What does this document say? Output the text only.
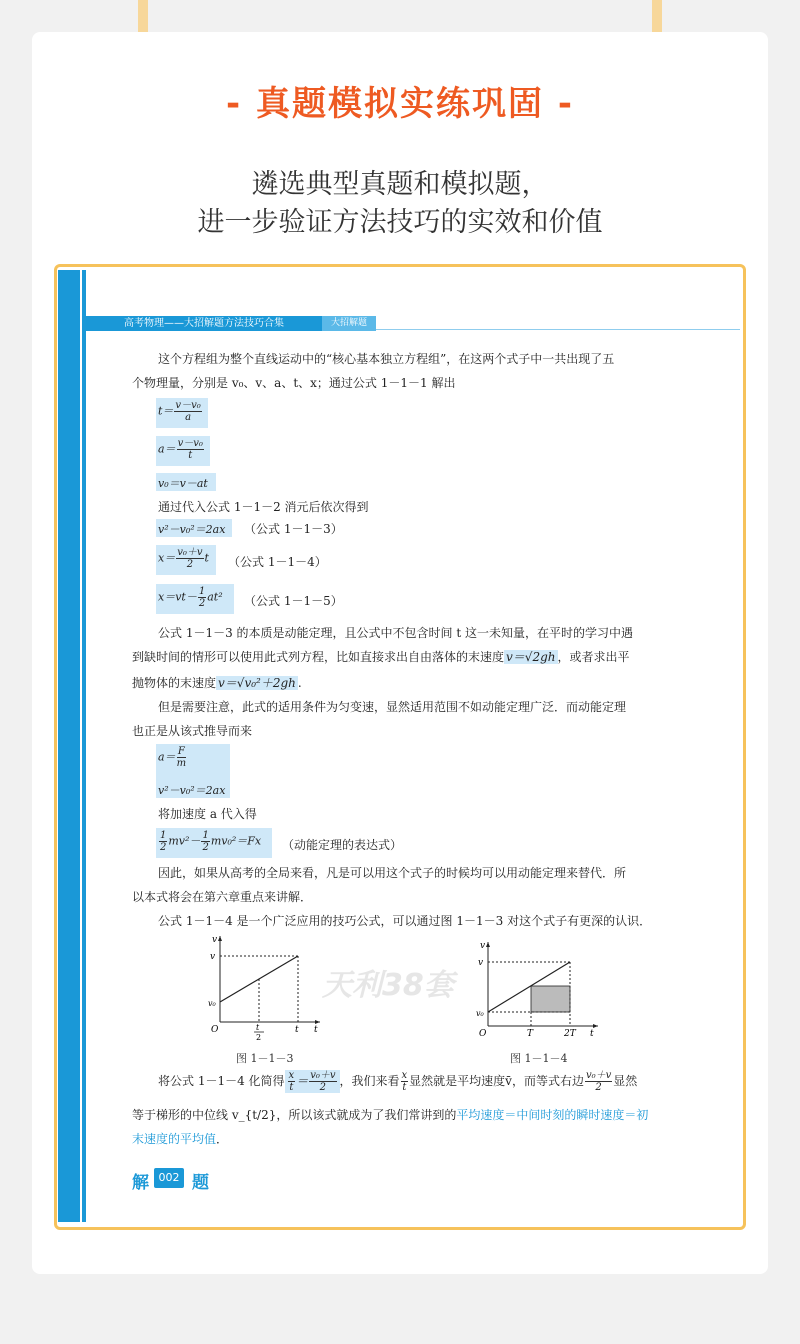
- 真题模拟实练巩固 -
遴选典型真题和模拟题，
进一步验证方法技巧的实效和价值
高考物理——大招解题方法技巧合集	大招解题
这个方程组为整个直线运动中的“核心基本独立方程组”，在这两个式子中一共出现了五
个物理量，分别是 v₀、v、a、t、x；通过公式 1－1－1 解出
$t= \frac{\text{v－v₀}}{a}$
$a= \frac{\text{v－v₀}}{t}$
v₀＝v－at
通过代入公式 1－1－2 消元后依次得到
v²－v₀²＝2ax （公式 1－1－3）
$x= \frac{\text{v₀＋v}}{2}$ t （公式 1－1－4）
$x=vt- \frac{1}{2} at^2$ （公式 1－1－5）
公式 1－1－3 的本质是动能定理，且公式中不包含时间 t 这一未知量，在平时的学习中遇
到缺时间的情形可以使用此式列方程，比如直接求出自由落体的末速度 v＝√2gh ，或者求出平
抛物体的末速度 v＝√v₀²＋2gh .
但是需要注意，此式的适用条件为匀变速，显然适用范围不如动能定理广泛．而动能定理
也正是从该式推导而来
$a= \frac{F}{m}$
v²－v₀²＝2ax
将加速度 a 代入得
$\frac{1}{2} mv^2- \frac{1}{2} mv_0^2=Fx$ （动能定理的表达式）
因此，如果从高考的全局来看，凡是可以用这个式子的时候均可以用动能定理来替代．所
以本式将会在第六章重点来讲解．
公式 1－1－4 是一个广泛应用的技巧公式，可以通过图 1－1－3 对这个式子有更深的认识．
天利38套
v
v
v₀
O	t
2
t t
图 1－1－3
v
v
v₀
O	T	2T t
图 1－1－4
将公式 1－1－4 化简得 $\frac{x}{t} = \frac{\text{v₀＋v}}{2}$ ，我们来看 $\frac{x}{t}$ 显然就是平均速度v̄，而等式右边 $\frac{\text{v₀＋v}}{2}$ 显然
等于梯形的中位线 v_{t/2}，所以该式就成为了我们常讲到的平均速度＝中间时刻的瞬时速度＝初
末速度的平均值．
解 002 题
